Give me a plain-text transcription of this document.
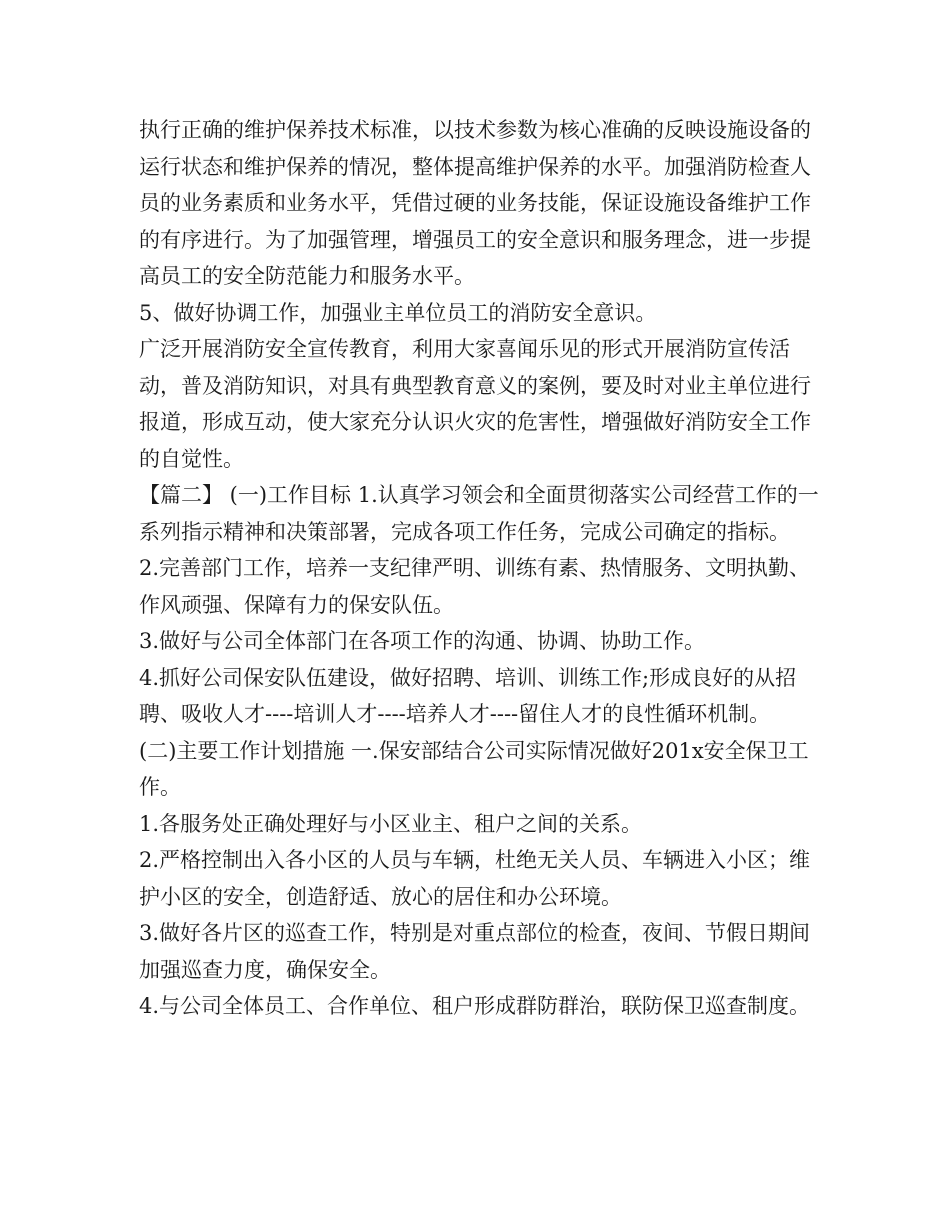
执行正确的维护保养技术标准，以技术参数为核心准确的反映设施设备的运行状态和维护保养的情况，整体提高维护保养的水平。加强消防检查人员的业务素质和业务水平，凭借过硬的业务技能，保证设施设备维护工作的有序进行。为了加强管理，增强员工的安全意识和服务理念，进一步提高员工的安全防范能力和服务水平。

5、做好协调工作，加强业主单位员工的消防安全意识。

广泛开展消防安全宣传教育，利用大家喜闻乐见的形式开展消防宣传活动，普及消防知识，对具有典型教育意义的案例，要及时对业主单位进行报道，形成互动，使大家充分认识火灾的危害性，增强做好消防安全工作的自觉性。

【篇二】 (一)工作目标 1.认真学习领会和全面贯彻落实公司经营工作的一系列指示精神和决策部署，完成各项工作任务，完成公司确定的指标。

2.完善部门工作，培养一支纪律严明、训练有素、热情服务、文明执勤、作风顽强、保障有力的保安队伍。

3.做好与公司全体部门在各项工作的沟通、协调、协助工作。

4.抓好公司保安队伍建设，做好招聘、培训、训练工作;形成良好的从招聘、吸收人才----培训人才----培养人才----留住人才的良性循环机制。

(二)主要工作计划措施 一.保安部结合公司实际情况做好201x安全保卫工作。

1.各服务处正确处理好与小区业主、租户之间的关系。

2.严格控制出入各小区的人员与车辆，杜绝无关人员、车辆进入小区；维护小区的安全，创造舒适、放心的居住和办公环境。

3.做好各片区的巡查工作，特别是对重点部位的检查，夜间、节假日期间加强巡查力度，确保安全。

4.与公司全体员工、合作单位、租户形成群防群治，联防保卫巡查制度。
